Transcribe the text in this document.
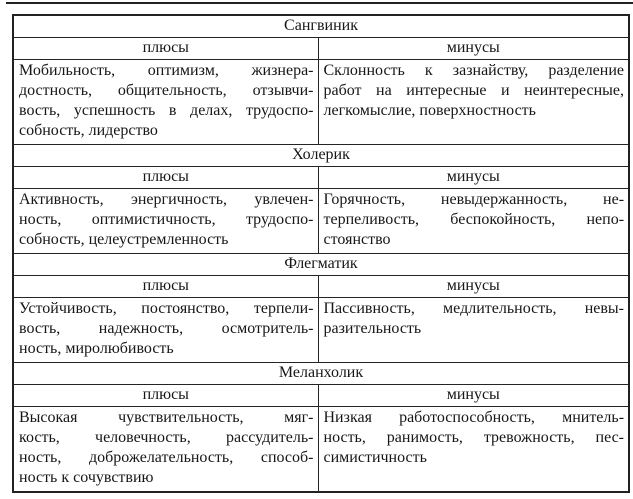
Сангвиник	
плюсы	минусы

Мобильность, оптимизм, жизнера-
достность, общительность, отзывчи-
вость, успешность в делах, трудоспо-
собность, лидерство

Склонность к зазнайству, разделение
работ на интересные и неинтересные,
легкомыслие, поверхностность

Холерик	
плюсы	минусы

Активность, энергичность, увлечен-
ность, оптимистичность, трудоспо-
собность, целеустремленность

Горячность, невыдержанность, не-
терпеливость, беспокойность, непо-
стоянство

Флегматик	
плюсы	минусы

Устойчивость, постоянство, терпели-
вость, надежность, осмотритель-
ность, миролюбивость

Пассивность, медлительность, невы-
разительность

Меланхолик	
плюсы	минусы

Высокая чувствительность, мяг-
кость, человечность, рассудитель-
ность, доброжелательность, способ-
ность к сочувствию

Низкая работоспособность, мнитель-
ность, ранимость, тревожность, пес-
симистичность
